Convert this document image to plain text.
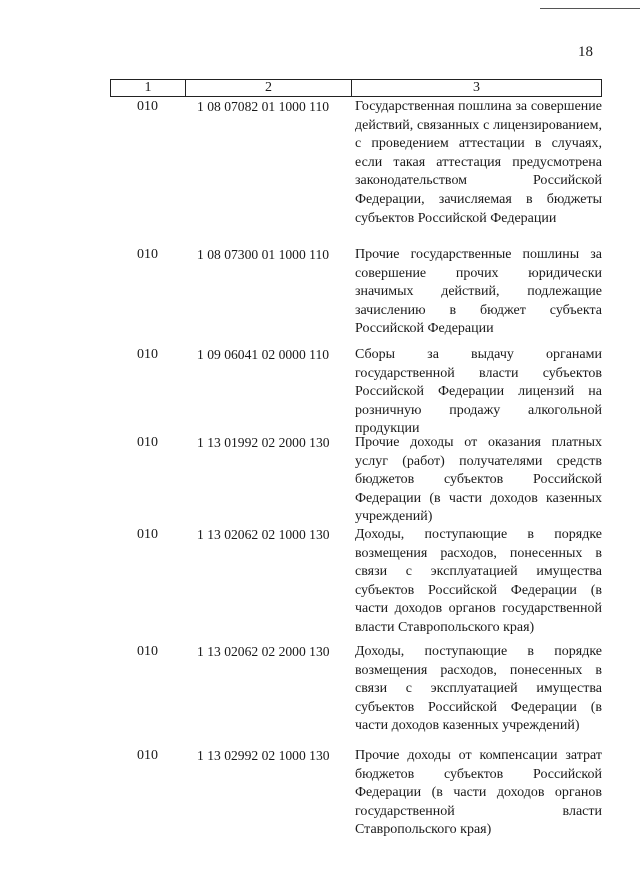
18
1	2	3
010	1 08 07082 01 1000 110	Государственная пошлина за совершение действий, связанных с лицензированием, с проведением аттестации в случаях, если такая аттестация предусмотрена законодательством Российской Федерации, зачисляемая в бюджеты субъектов Российской Федерации
010	1 08 07300 01 1000 110	Прочие государственные пошлины за совершение прочих юридически значимых действий, подлежащие зачислению в бюджет субъекта Российской Федерации
010	1 09 06041 02 0000 110	Сборы за выдачу органами государственной власти субъектов Российской Федерации лицензий на розничную продажу алкогольной продукции
010	1 13 01992 02 2000 130	Прочие доходы от оказания платных услуг (работ) получателями средств бюджетов субъектов Российской Федерации (в части доходов казенных учреждений)
010	1 13 02062 02 1000 130	Доходы, поступающие в порядке возмещения расходов, понесенных в связи с эксплуатацией имущества субъектов Российской Федерации (в части доходов органов государственной власти Ставропольского края)
010	1 13 02062 02 2000 130	Доходы, поступающие в порядке возмещения расходов, понесенных в связи с эксплуатацией имущества субъектов Российской Федерации (в части доходов казенных учреждений)
010	1 13 02992 02 1000 130	Прочие доходы от компенсации затрат бюджетов субъектов Российской Федерации (в части доходов органов государственной власти Ставропольского края)
